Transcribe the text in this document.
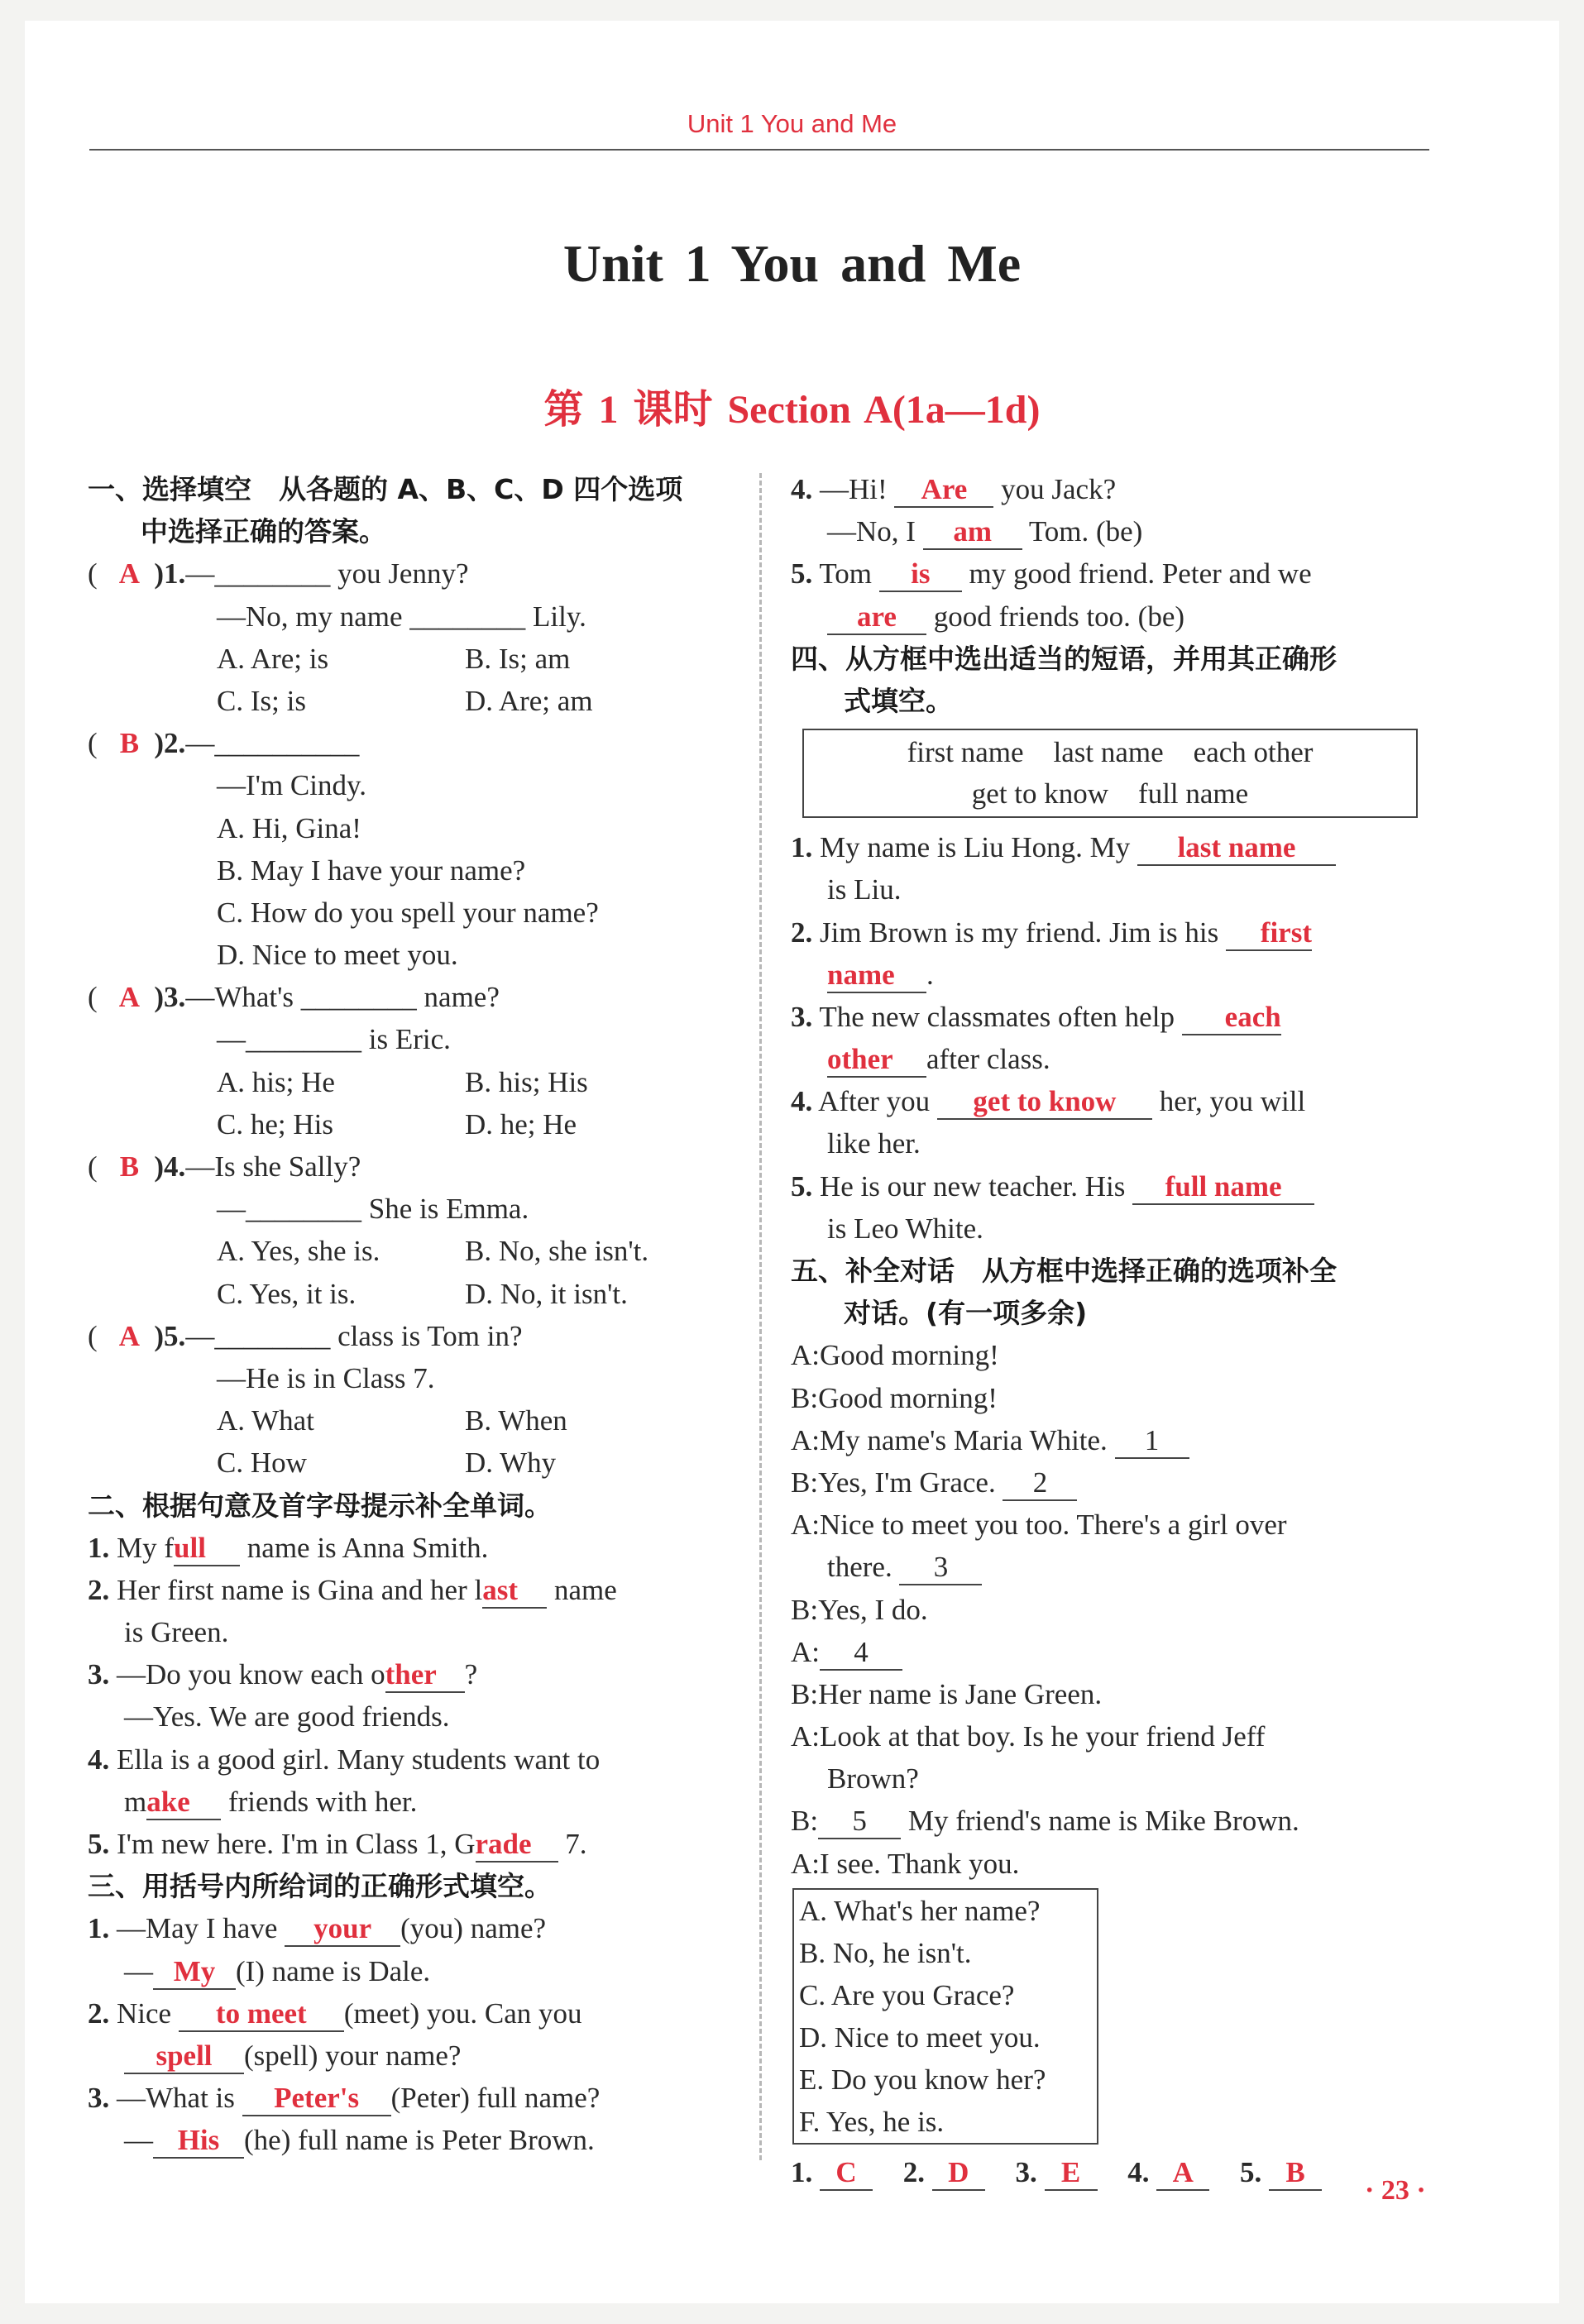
Unit 1 You and Me
Unit 1 You and Me
第 1 课时 Section A(1a—1d)
一、选择填空　从各题的 A、B、C、D 四个选项
中选择正确的答案。
( A )1.—________ you Jenny?
—No, my name ________ Lily.
A. Are; is	B. Is; am
C. Is; is	D. Are; am
( B )2.—__________
—I'm Cindy.
A. Hi, Gina!
B. May I have your name?
C. How do you spell your name?
D. Nice to meet you.
( A )3.—What's ________ name?
—________ is Eric.
A. his; He	B. his; His
C. he; His	D. he; He
( B )4.—Is she Sally?
—________ She is Emma.
A. Yes, she is.	B. No, she isn't.
C. Yes, it is.	D. No, it isn't.
( A )5.—________ class is Tom in?
—He is in Class 7.
A. What	B. When
C. How	D. Why
二、根据句意及首字母提示补全单词。
1. My full name is Anna Smith.
2. Her first name is Gina and her last name
is Green.
3. —Do you know each other ?
—Yes. We are good friends.
4. Ella is a good girl. Many students want to
make friends with her.
5. I'm new here. I'm in Class 1, Grade 7.
三、用括号内所给词的正确形式填空。
1. —May I have your (you) name?
— My (I) name is Dale.
2. Nice to meet (meet) you. Can you
spell (spell) your name?
3. —What is Peter's (Peter) full name?
— His (he) full name is Peter Brown.
4. —Hi! Are you Jack?
—No, I am Tom. (be)
5. Tom is my good friend. Peter and we
are good friends too. (be)
四、从方框中选出适当的短语，并用其正确形
式填空。
first name last name each other
get to know full name
1. My name is Liu Hong. My last name
is Liu.
2. Jim Brown is my friend. Jim is his first
name .
3. The new classmates often help each
other after class.
4. After you get to know her, you will
like her.
5. He is our new teacher. His full name
is Leo White.
五、补全对话　从方框中选择正确的选项补全
对话。(有一项多余)
A:Good morning!
B:Good morning!
A:My name's Maria White. 1
B:Yes, I'm Grace. 2
A:Nice to meet you too. There's a girl over
there. 3
B:Yes, I do.
A: 4
B:Her name is Jane Green.
A:Look at that boy. Is he your friend Jeff
Brown?
B: 5 My friend's name is Mike Brown.
A:I see. Thank you.
A. What's her name?
B. No, he isn't.
C. Are you Grace?
D. Nice to meet you.
E. Do you know her?
F. Yes, he is.
1. C 2. D 3. E 4. A 5. B
· 23 ·
